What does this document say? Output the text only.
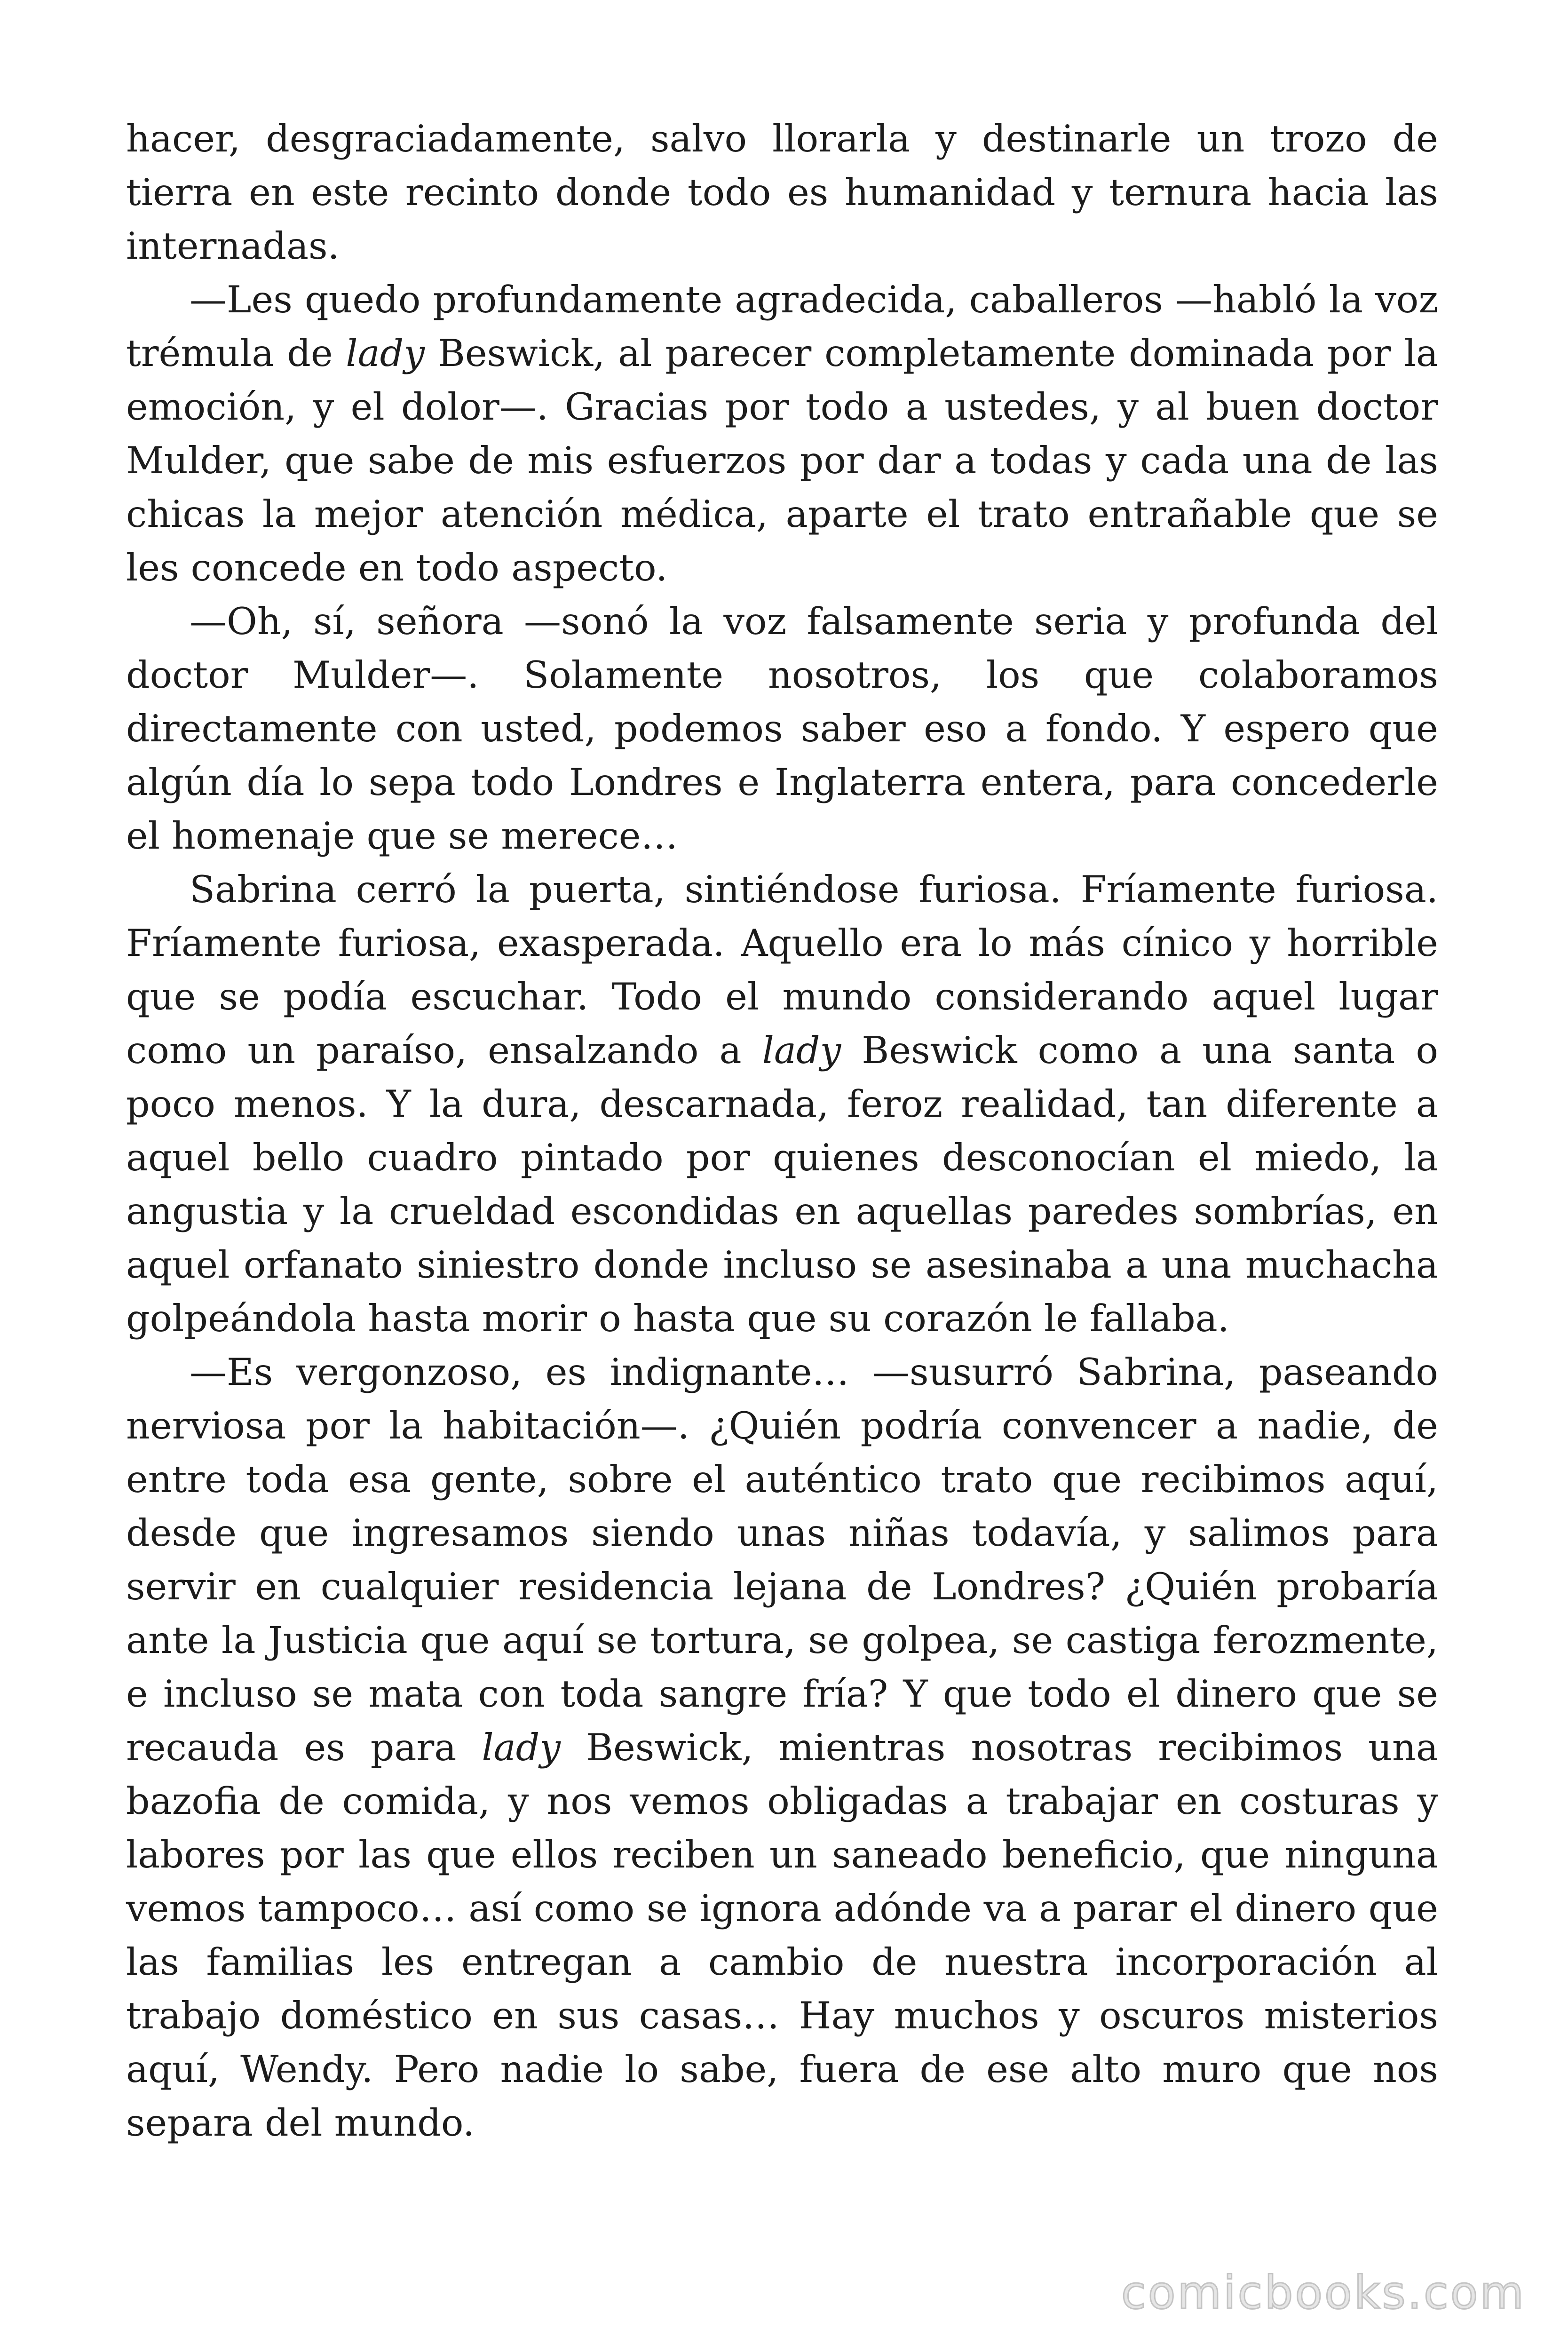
hacer, desgraciadamente, salvo llorarla y destinarle un trozo de tierra en este recinto donde todo es humanidad y ternura hacia las internadas.

—Les quedo profundamente agradecida, caballeros —habló la voz trémula de lady Beswick, al parecer completamente dominada por la emoción, y el dolor—. Gracias por todo a ustedes, y al buen doctor Mulder, que sabe de mis esfuerzos por dar a todas y cada una de las chicas la mejor atención médica, aparte el trato entrañable que se les concede en todo aspecto.

—Oh, sí, señora —sonó la voz falsamente seria y profunda del doctor Mulder—. Solamente nosotros, los que colaboramos directamente con usted, podemos saber eso a fondo. Y espero que algún día lo sepa todo Londres e Inglaterra entera, para concederle el homenaje que se merece…

Sabrina cerró la puerta, sintiéndose furiosa. Fríamente furiosa. Fríamente furiosa, exasperada. Aquello era lo más cínico y horrible que se podía escuchar. Todo el mundo considerando aquel lugar como un paraíso, ensalzando a lady Beswick como a una santa o poco menos. Y la dura, descarnada, feroz realidad, tan diferente a aquel bello cuadro pintado por quienes desconocían el miedo, la angustia y la crueldad escondidas en aquellas paredes sombrías, en aquel orfanato siniestro donde incluso se asesinaba a una muchacha golpeándola hasta morir o hasta que su corazón le fallaba.

—Es vergonzoso, es indignante… —susurró Sabrina, paseando nerviosa por la habitación—. ¿Quién podría convencer a nadie, de entre toda esa gente, sobre el auténtico trato que recibimos aquí, desde que ingresamos siendo unas niñas todavía, y salimos para servir en cualquier residencia lejana de Londres? ¿Quién probaría ante la Justicia que aquí se tortura, se golpea, se castiga ferozmente, e incluso se mata con toda sangre fría? Y que todo el dinero que se recauda es para lady Beswick, mientras nosotras recibimos una bazofia de comida, y nos vemos obligadas a trabajar en costuras y labores por las que ellos reciben un saneado beneficio, que ninguna vemos tampoco… así como se ignora adónde va a parar el dinero que las familias les entregan a cambio de nuestra incorporación al trabajo doméstico en sus casas… Hay muchos y oscuros misterios aquí, Wendy. Pero nadie lo sabe, fuera de ese alto muro que nos separa del mundo.

comicbooks.com
